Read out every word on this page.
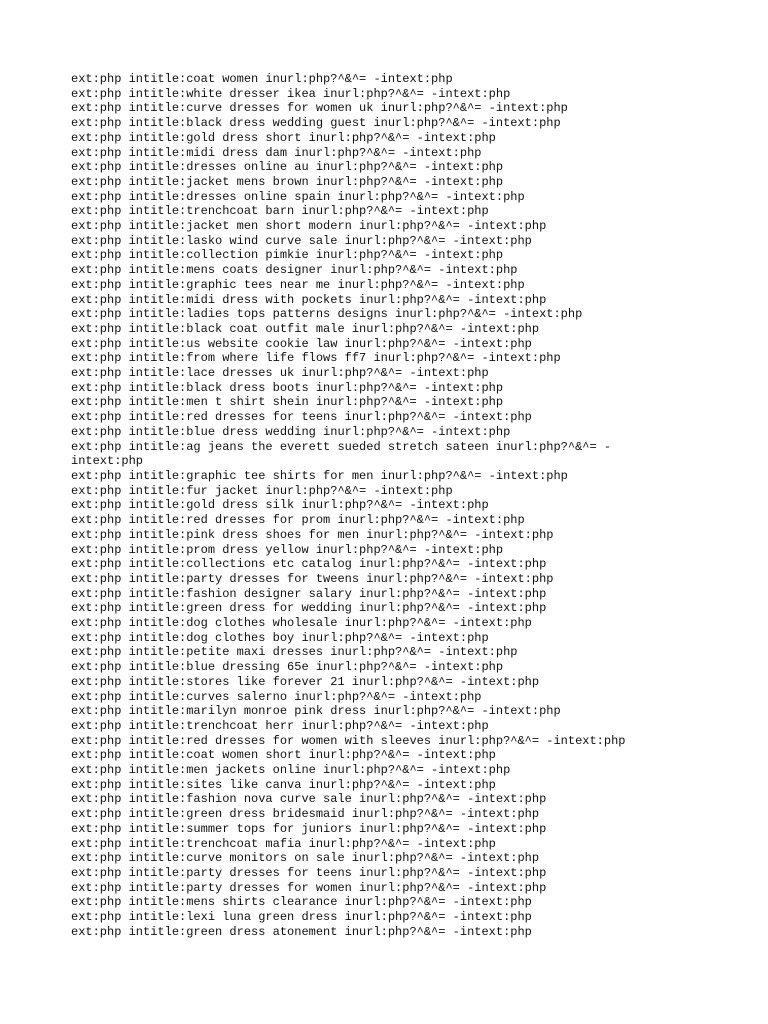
ext:php intitle:coat women inurl:php?^&^= -intext:php
ext:php intitle:white dresser ikea inurl:php?^&^= -intext:php
ext:php intitle:curve dresses for women uk inurl:php?^&^= -intext:php
ext:php intitle:black dress wedding guest inurl:php?^&^= -intext:php
ext:php intitle:gold dress short inurl:php?^&^= -intext:php
ext:php intitle:midi dress dam inurl:php?^&^= -intext:php
ext:php intitle:dresses online au inurl:php?^&^= -intext:php
ext:php intitle:jacket mens brown inurl:php?^&^= -intext:php
ext:php intitle:dresses online spain inurl:php?^&^= -intext:php
ext:php intitle:trenchcoat barn inurl:php?^&^= -intext:php
ext:php intitle:jacket men short modern inurl:php?^&^= -intext:php
ext:php intitle:lasko wind curve sale inurl:php?^&^= -intext:php
ext:php intitle:collection pimkie inurl:php?^&^= -intext:php
ext:php intitle:mens coats designer inurl:php?^&^= -intext:php
ext:php intitle:graphic tees near me inurl:php?^&^= -intext:php
ext:php intitle:midi dress with pockets inurl:php?^&^= -intext:php
ext:php intitle:ladies tops patterns designs inurl:php?^&^= -intext:php
ext:php intitle:black coat outfit male inurl:php?^&^= -intext:php
ext:php intitle:us website cookie law inurl:php?^&^= -intext:php
ext:php intitle:from where life flows ff7 inurl:php?^&^= -intext:php
ext:php intitle:lace dresses uk inurl:php?^&^= -intext:php
ext:php intitle:black dress boots inurl:php?^&^= -intext:php
ext:php intitle:men t shirt shein inurl:php?^&^= -intext:php
ext:php intitle:red dresses for teens inurl:php?^&^= -intext:php
ext:php intitle:blue dress wedding inurl:php?^&^= -intext:php
ext:php intitle:ag jeans the everett sueded stretch sateen inurl:php?^&^= -intext:php
ext:php intitle:graphic tee shirts for men inurl:php?^&^= -intext:php
ext:php intitle:fur jacket inurl:php?^&^= -intext:php
ext:php intitle:gold dress silk inurl:php?^&^= -intext:php
ext:php intitle:red dresses for prom inurl:php?^&^= -intext:php
ext:php intitle:pink dress shoes for men inurl:php?^&^= -intext:php
ext:php intitle:prom dress yellow inurl:php?^&^= -intext:php
ext:php intitle:collections etc catalog inurl:php?^&^= -intext:php
ext:php intitle:party dresses for tweens inurl:php?^&^= -intext:php
ext:php intitle:fashion designer salary inurl:php?^&^= -intext:php
ext:php intitle:green dress for wedding inurl:php?^&^= -intext:php
ext:php intitle:dog clothes wholesale inurl:php?^&^= -intext:php
ext:php intitle:dog clothes boy inurl:php?^&^= -intext:php
ext:php intitle:petite maxi dresses inurl:php?^&^= -intext:php
ext:php intitle:blue dressing 65e inurl:php?^&^= -intext:php
ext:php intitle:stores like forever 21 inurl:php?^&^= -intext:php
ext:php intitle:curves salerno inurl:php?^&^= -intext:php
ext:php intitle:marilyn monroe pink dress inurl:php?^&^= -intext:php
ext:php intitle:trenchcoat herr inurl:php?^&^= -intext:php
ext:php intitle:red dresses for women with sleeves inurl:php?^&^= -intext:php
ext:php intitle:coat women short inurl:php?^&^= -intext:php
ext:php intitle:men jackets online inurl:php?^&^= -intext:php
ext:php intitle:sites like canva inurl:php?^&^= -intext:php
ext:php intitle:fashion nova curve sale inurl:php?^&^= -intext:php
ext:php intitle:green dress bridesmaid inurl:php?^&^= -intext:php
ext:php intitle:summer tops for juniors inurl:php?^&^= -intext:php
ext:php intitle:trenchcoat mafia inurl:php?^&^= -intext:php
ext:php intitle:curve monitors on sale inurl:php?^&^= -intext:php
ext:php intitle:party dresses for teens inurl:php?^&^= -intext:php
ext:php intitle:party dresses for women inurl:php?^&^= -intext:php
ext:php intitle:mens shirts clearance inurl:php?^&^= -intext:php
ext:php intitle:lexi luna green dress inurl:php?^&^= -intext:php
ext:php intitle:green dress atonement inurl:php?^&^= -intext:php
